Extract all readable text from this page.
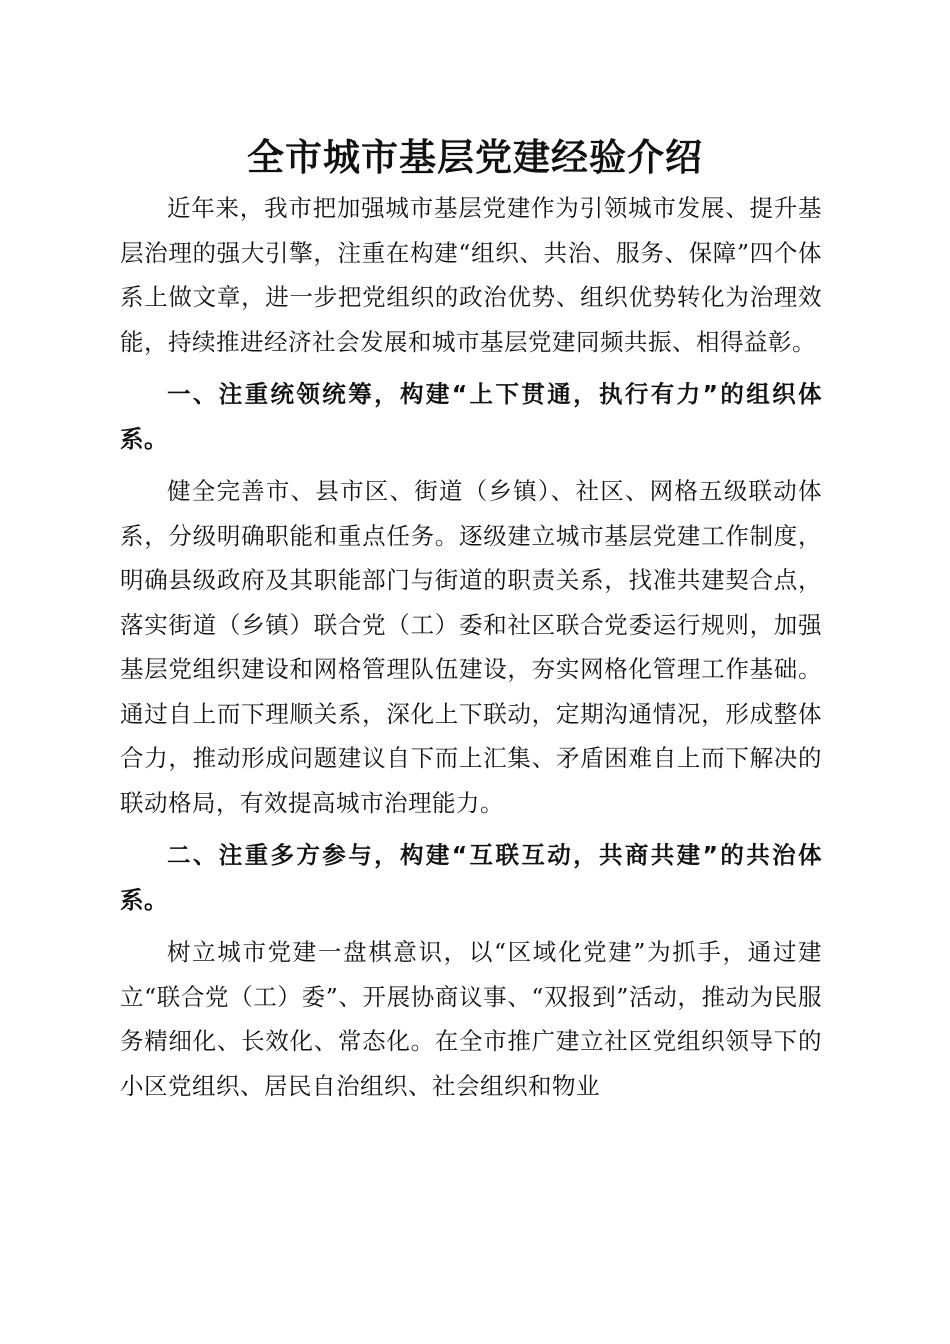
全市城市基层党建经验介绍

近年来，我市把加强城市基层党建作为引领城市发展、提升基层治理的强大引擎，注重在构建“组织、共治、服务、保障”四个体系上做文章，进一步把党组织的政治优势、组织优势转化为治理效能，持续推进经济社会发展和城市基层党建同频共振、相得益彰。

一、注重统领统筹，构建“上下贯通，执行有力”的组织体系。

健全完善市、县市区、街道（乡镇）、社区、网格五级联动体系，分级明确职能和重点任务。逐级建立城市基层党建工作制度，明确县级政府及其职能部门与街道的职责关系，找准共建契合点，落实街道（乡镇）联合党（工）委和社区联合党委运行规则，加强基层党组织建设和网格管理队伍建设，夯实网格化管理工作基础。通过自上而下理顺关系，深化上下联动，定期沟通情况，形成整体合力，推动形成问题建议自下而上汇集、矛盾困难自上而下解决的联动格局，有效提高城市治理能力。

二、注重多方参与，构建“互联互动，共商共建”的共治体系。

树立城市党建一盘棋意识，以“区域化党建”为抓手，通过建立“联合党（工）委”、开展协商议事、“双报到”活动，推动为民服务精细化、长效化、常态化。在全市推广建立社区党组织领导下的小区党组织、居民自治组织、社会组织和物业
